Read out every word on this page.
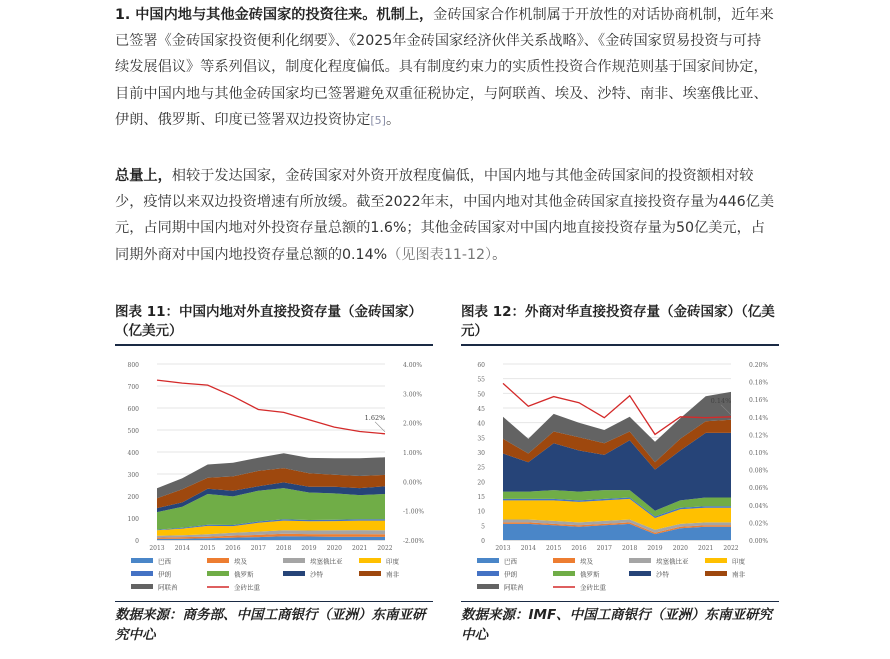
1. 中国内地与其他金砖国家的投资往来。机制上，金砖国家合作机制属于开放性的对话协商机制，近年来已签署《金砖国家投资便利化纲要》、《2025年金砖国家经济伙伴关系战略》、《金砖国家贸易投资与可持续发展倡议》等系列倡议，制度化程度偏低。具有制度约束力的实质性投资合作规范则基于国家间协定，目前中国内地与其他金砖国家均已签署避免双重征税协定，与阿联酋、埃及、沙特、南非、埃塞俄比亚、伊朗、俄罗斯、印度已签署双边投资协定[5]。
总量上，相较于发达国家，金砖国家对外资开放程度偏低，中国内地与其他金砖国家间的投资额相对较少，疫情以来双边投资增速有所放缓。截至2022年末，中国内地对其他金砖国家直接投资存量为446亿美元，占同期中国内地对外投资存量总额的1.6%；其他金砖国家对中国内地直接投资存量为50亿美元，占同期外商对中国内地投资存量总额的0.14%（见图表11-12）。
图表 11：中国内地对外直接投资存量（金砖国家）（亿美元）
0
100
200
300
400
500
600
700
800
-2.00%
-1.00%
0.00%
1.00%
2.00%
3.00%
4.00%
2013 2014 2015 2016 2017 2018 2019 2020 2021 2022
1.62%
巴西	埃及	埃塞俄比亚	印度
伊朗	俄罗斯	沙特	南非
阿联酋	金砖比重
数据来源：商务部、中国工商银行（亚洲）东南亚研究中心
图表 12：外商对华直接投资存量（金砖国家）（亿美元）
0
5
10
15
20
25
30
35
40
45
50
55
60
0.00%
0.02%
0.04%
0.06%
0.08%
0.10%
0.12%
0.14%
0.16%
0.18%
0.20%
2013 2014 2015 2016 2017 2018 2019 2020 2021 2022
0.14%
巴西	埃及	埃塞俄比亚	印度
伊朗	俄罗斯	沙特	南非
阿联酋	金砖比重
数据来源：IMF、中国工商银行（亚洲）东南亚研究中心
